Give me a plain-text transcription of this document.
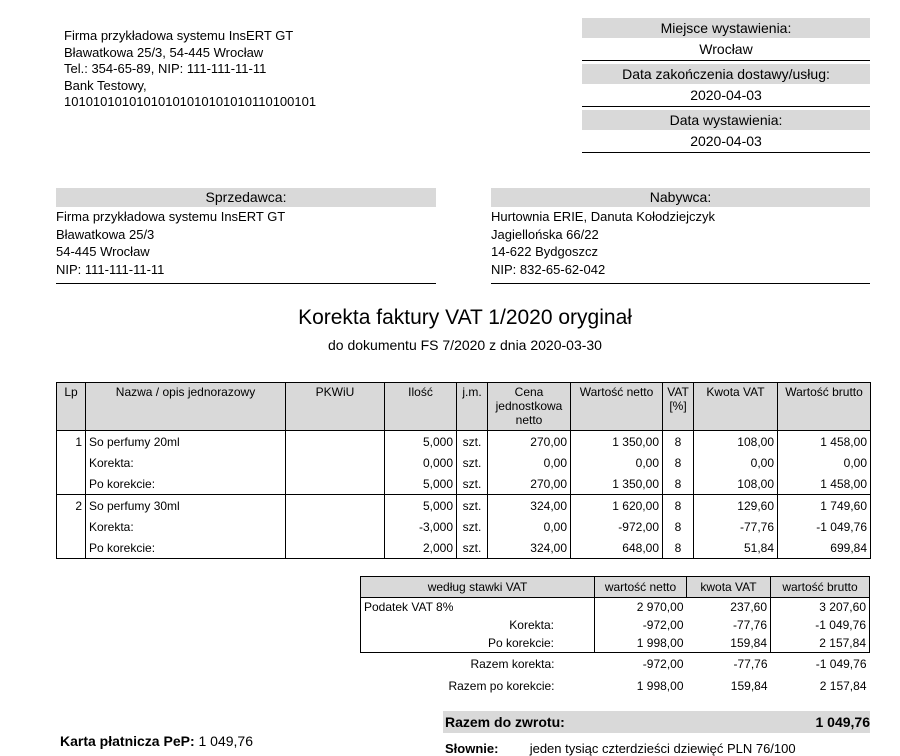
Firma przykładowa systemu InsERT GT
Bławatkowa 25/3, 54-445 Wrocław
Tel.: 354-65-89, NIP: 111-111-11-11
Bank Testowy,
10101010101010101010101010110100101
Miejsce wystawienia:
Wrocław
Data zakończenia dostawy/usług:
2020-04-03
Data wystawienia:
2020-04-03
Sprzedawca:
Firma przykładowa systemu InsERT GT
Bławatkowa 25/3
54-445 Wrocław
NIP: 111-111-11-11
Nabywca:
Hurtownia ERIE, Danuta Kołodziejczyk
Jagiellońska 66/22
14-622 Bydgoszcz
NIP: 832-65-62-042
Korekta faktury VAT 1/2020 oryginał
do dokumentu FS 7/2020 z dnia 2020-03-30
Lp	Nazwa / opis jednorazowy	PKWiU	Ilość	j.m.	Cena jednostkowa netto	Wartość netto	VAT [%]	Kwota VAT	Wartość brutto
1	So perfumy 20ml		5,000	szt.	270,00	1 350,00	8	108,00	1 458,00
	Korekta:		0,000	szt.	0,00	0,00	8	0,00	0,00
	Po korekcie:		5,000	szt.	270,00	1 350,00	8	108,00	1 458,00
2	So perfumy 30ml		5,000	szt.	324,00	1 620,00	8	129,60	1 749,60
	Korekta:		-3,000	szt.	0,00	-972,00	8	-77,76	-1 049,76
	Po korekcie:		2,000	szt.	324,00	648,00	8	51,84	699,84
według stawki VAT	wartość netto	kwota VAT	wartość brutto
Podatek VAT 8%	2 970,00	237,60	3 207,60
Korekta:	-972,00	-77,76	-1 049,76
Po korekcie:	1 998,00	159,84	2 157,84
Razem korekta:	-972,00	-77,76	-1 049,76
Razem po korekcie:	1 998,00	159,84	2 157,84
Razem do zwrotu:	1 049,76
Karta płatnicza PeP: 1 049,76	Słownie: jeden tysiąc czterdzieści dziewięć PLN 76/100
